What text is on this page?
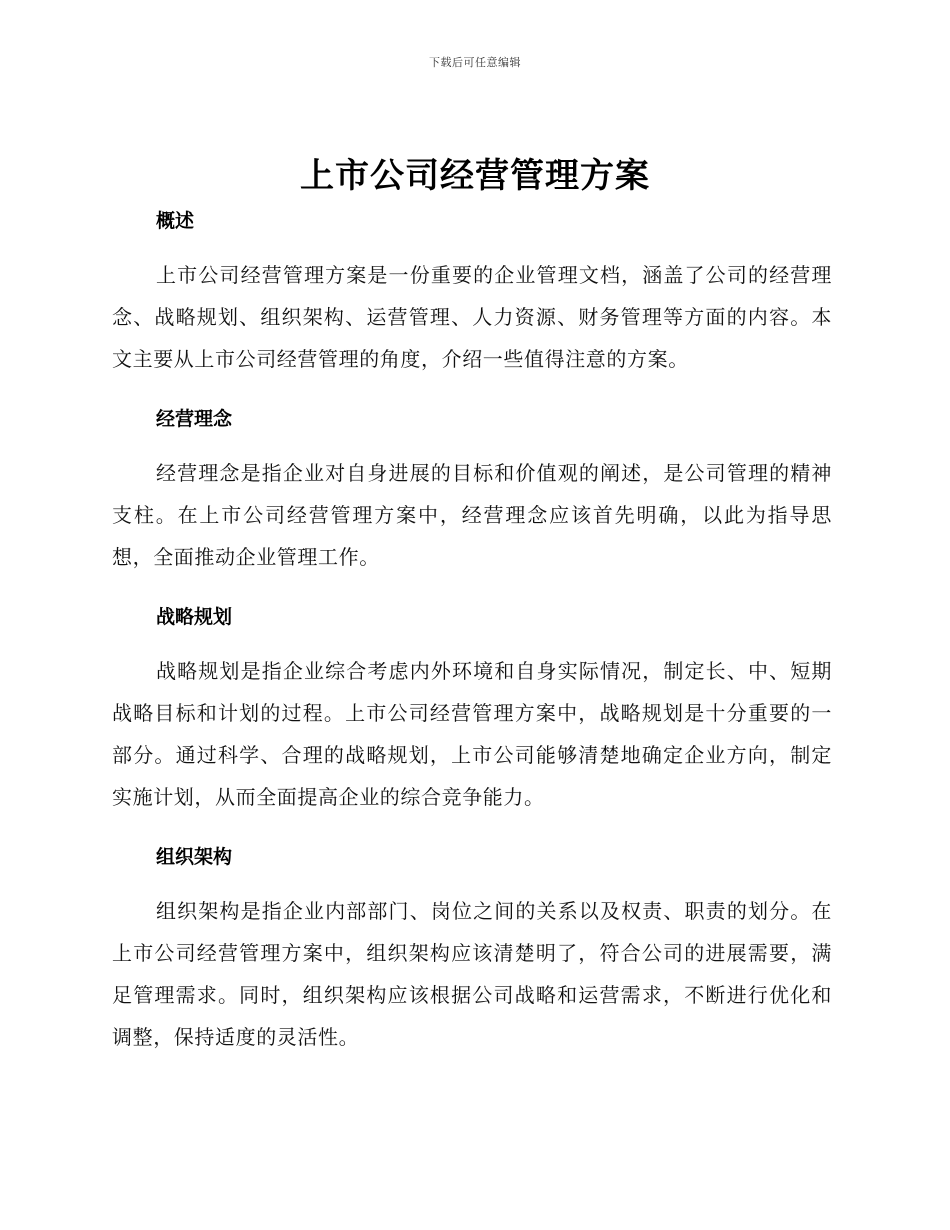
下载后可任意编辑
上市公司经营管理方案
概述

上市公司经营管理方案是一份重要的企业管理文档，涵盖了公司的经营理念、战略规划、组织架构、运营管理、人力资源、财务管理等方面的内容。本文主要从上市公司经营管理的角度，介绍一些值得注意的方案。

经营理念

经营理念是指企业对自身进展的目标和价值观的阐述，是公司管理的精神支柱。在上市公司经营管理方案中，经营理念应该首先明确，以此为指导思想，全面推动企业管理工作。

战略规划

战略规划是指企业综合考虑内外环境和自身实际情况，制定长、中、短期战略目标和计划的过程。上市公司经营管理方案中，战略规划是十分重要的一部分。通过科学、合理的战略规划，上市公司能够清楚地确定企业方向，制定实施计划，从而全面提高企业的综合竞争能力。

组织架构

组织架构是指企业内部部门、岗位之间的关系以及权责、职责的划分。在上市公司经营管理方案中，组织架构应该清楚明了，符合公司的进展需要，满足管理需求。同时，组织架构应该根据公司战略和运营需求，不断进行优化和调整，保持适度的灵活性。
